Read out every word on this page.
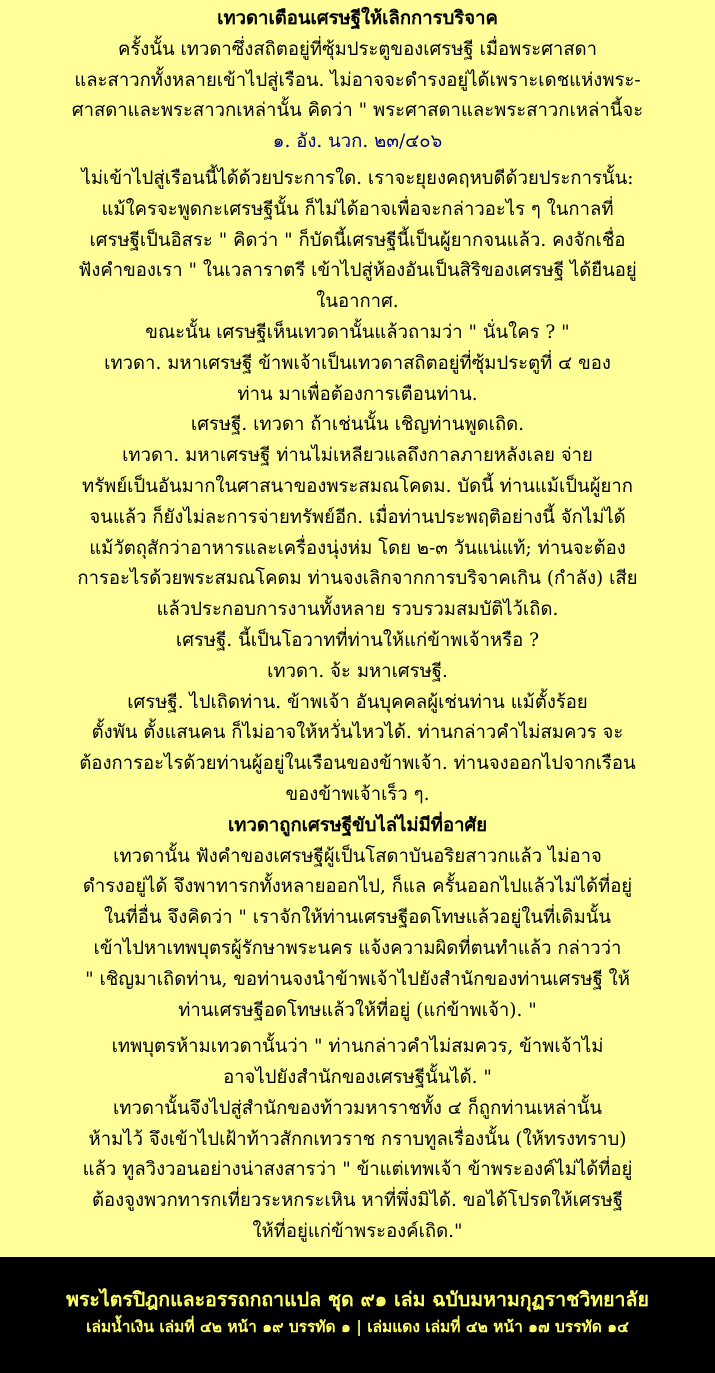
เทวดาเตือนเศรษฐีให้เลิกการบริจาค
ครั้งนั้น เทวดาซึ่งสถิตอยู่ที่ซุ้มประตูของเศรษฐี เมื่อพระศาสดา
และสาวกทั้งหลายเข้าไปสู่เรือน. ไม่อาจจะดำรงอยู่ได้เพราะเดชแห่งพระ-
ศาสดาและพระสาวกเหล่านั้น คิดว่า " พระศาสดาและพระสาวกเหล่านี้จะ
๑. อัง. นวก. ๒๓/๔๐๖
ไม่เข้าไปสู่เรือนนี้ได้ด้วยประการใด. เราจะยุยงคฤหบดีด้วยประการนั้น:
แม้ใครจะพูดกะเศรษฐีนั้น ก็ไม่ได้อาจเพื่อจะกล่าวอะไร ๆ ในกาลที่
เศรษฐีเป็นอิสระ " คิดว่า " ก็บัดนี้เศรษฐีนี้เป็นผู้ยากจนแล้ว. คงจักเชื่อ
ฟังคำของเรา " ในเวลาราตรี เข้าไปสู่ห้องอันเป็นสิริของเศรษฐี ได้ยืนอยู่
ในอากาศ.
ขณะนั้น เศรษฐีเห็นเทวดานั้นแล้วถามว่า " นั่นใคร ? "
เทวดา. มหาเศรษฐี ข้าพเจ้าเป็นเทวดาสถิตอยู่ที่ซุ้มประตูที่ ๔ ของ
ท่าน มาเพื่อต้องการเตือนท่าน.
เศรษฐี. เทวดา ถ้าเช่นนั้น เชิญท่านพูดเถิด.
เทวดา. มหาเศรษฐี ท่านไม่เหลียวแลถึงกาลภายหลังเลย จ่าย
ทรัพย์เป็นอันมากในศาสนาของพระสมณโคดม. บัดนี้ ท่านแม้เป็นผู้ยาก
จนแล้ว ก็ยังไม่ละการจ่ายทรัพย์อีก. เมื่อท่านประพฤติอย่างนี้ จักไม่ได้
แม้วัตถุสักว่าอาหารและเครื่องนุ่งห่ม โดย ๒-๓ วันแน่แท้; ท่านจะต้อง
การอะไรด้วยพระสมณโคดม ท่านจงเลิกจากการบริจาคเกิน (กำลัง) เสีย
แล้วประกอบการงานทั้งหลาย รวบรวมสมบัติไว้เถิด.
เศรษฐี. นี้เป็นโอวาทที่ท่านให้แก่ข้าพเจ้าหรือ ?
เทวดา. จ้ะ มหาเศรษฐี.
เศรษฐี. ไปเถิดท่าน. ข้าพเจ้า อันบุคคลผู้เช่นท่าน แม้ตั้งร้อย
ตั้งพัน ตั้งแสนคน ก็ไม่อาจให้หวั่นไหวได้. ท่านกล่าวคำไม่สมควร จะ
ต้องการอะไรด้วยท่านผู้อยู่ในเรือนของข้าพเจ้า. ท่านจงออกไปจากเรือน
ของข้าพเจ้าเร็ว ๆ.
เทวดาถูกเศรษฐีขับไล่ไม่มีที่อาศัย
เทวดานั้น ฟังคำของเศรษฐีผู้เป็นโสดาบันอริยสาวกแล้ว ไม่อาจ
ดำรงอยู่ได้ จึงพาทารกทั้งหลายออกไป, ก็แล ครั้นออกไปแล้วไม่ได้ที่อยู่
ในที่อื่น จึงคิดว่า " เราจักให้ท่านเศรษฐีอดโทษแล้วอยู่ในที่เดิมนั้น
เข้าไปหาเทพบุตรผู้รักษาพระนคร แจ้งความผิดที่ตนทำแล้ว กล่าวว่า
" เชิญมาเถิดท่าน, ขอท่านจงนำข้าพเจ้าไปยังสำนักของท่านเศรษฐี ให้
ท่านเศรษฐีอดโทษแล้วให้ที่อยู่ (แก่ข้าพเจ้า). "
เทพบุตรห้ามเทวดานั้นว่า " ท่านกล่าวคำไม่สมควร, ข้าพเจ้าไม่
อาจไปยังสำนักของเศรษฐีนั้นได้. "
เทวดานั้นจึงไปสู่สำนักของท้าวมหาราชทั้ง ๔ ก็ถูกท่านเหล่านั้น
ห้ามไว้ จึงเข้าไปเฝ้าท้าวสักกเทวราช กราบทูลเรื่องนั้น (ให้ทรงทราบ)
แล้ว ทูลวิงวอนอย่างน่าสงสารว่า " ข้าแต่เทพเจ้า ข้าพระองค์ไม่ได้ที่อยู่
ต้องจูงพวกทารกเที่ยวระหกระเหิน หาที่พึ่งมิได้. ขอได้โปรดให้เศรษฐี
ให้ที่อยู่แก่ข้าพระองค์เถิด."
พระไตรปิฎกและอรรถกถาแปล ชุด ๙๑ เล่ม ฉบับมหามกุฏราชวิทยาลัย
เล่มน้ำเงิน เล่มที่ ๔๒ หน้า ๑๙ บรรทัด ๑ | เล่มแดง เล่มที่ ๔๒ หน้า ๑๗ บรรทัด ๑๔
